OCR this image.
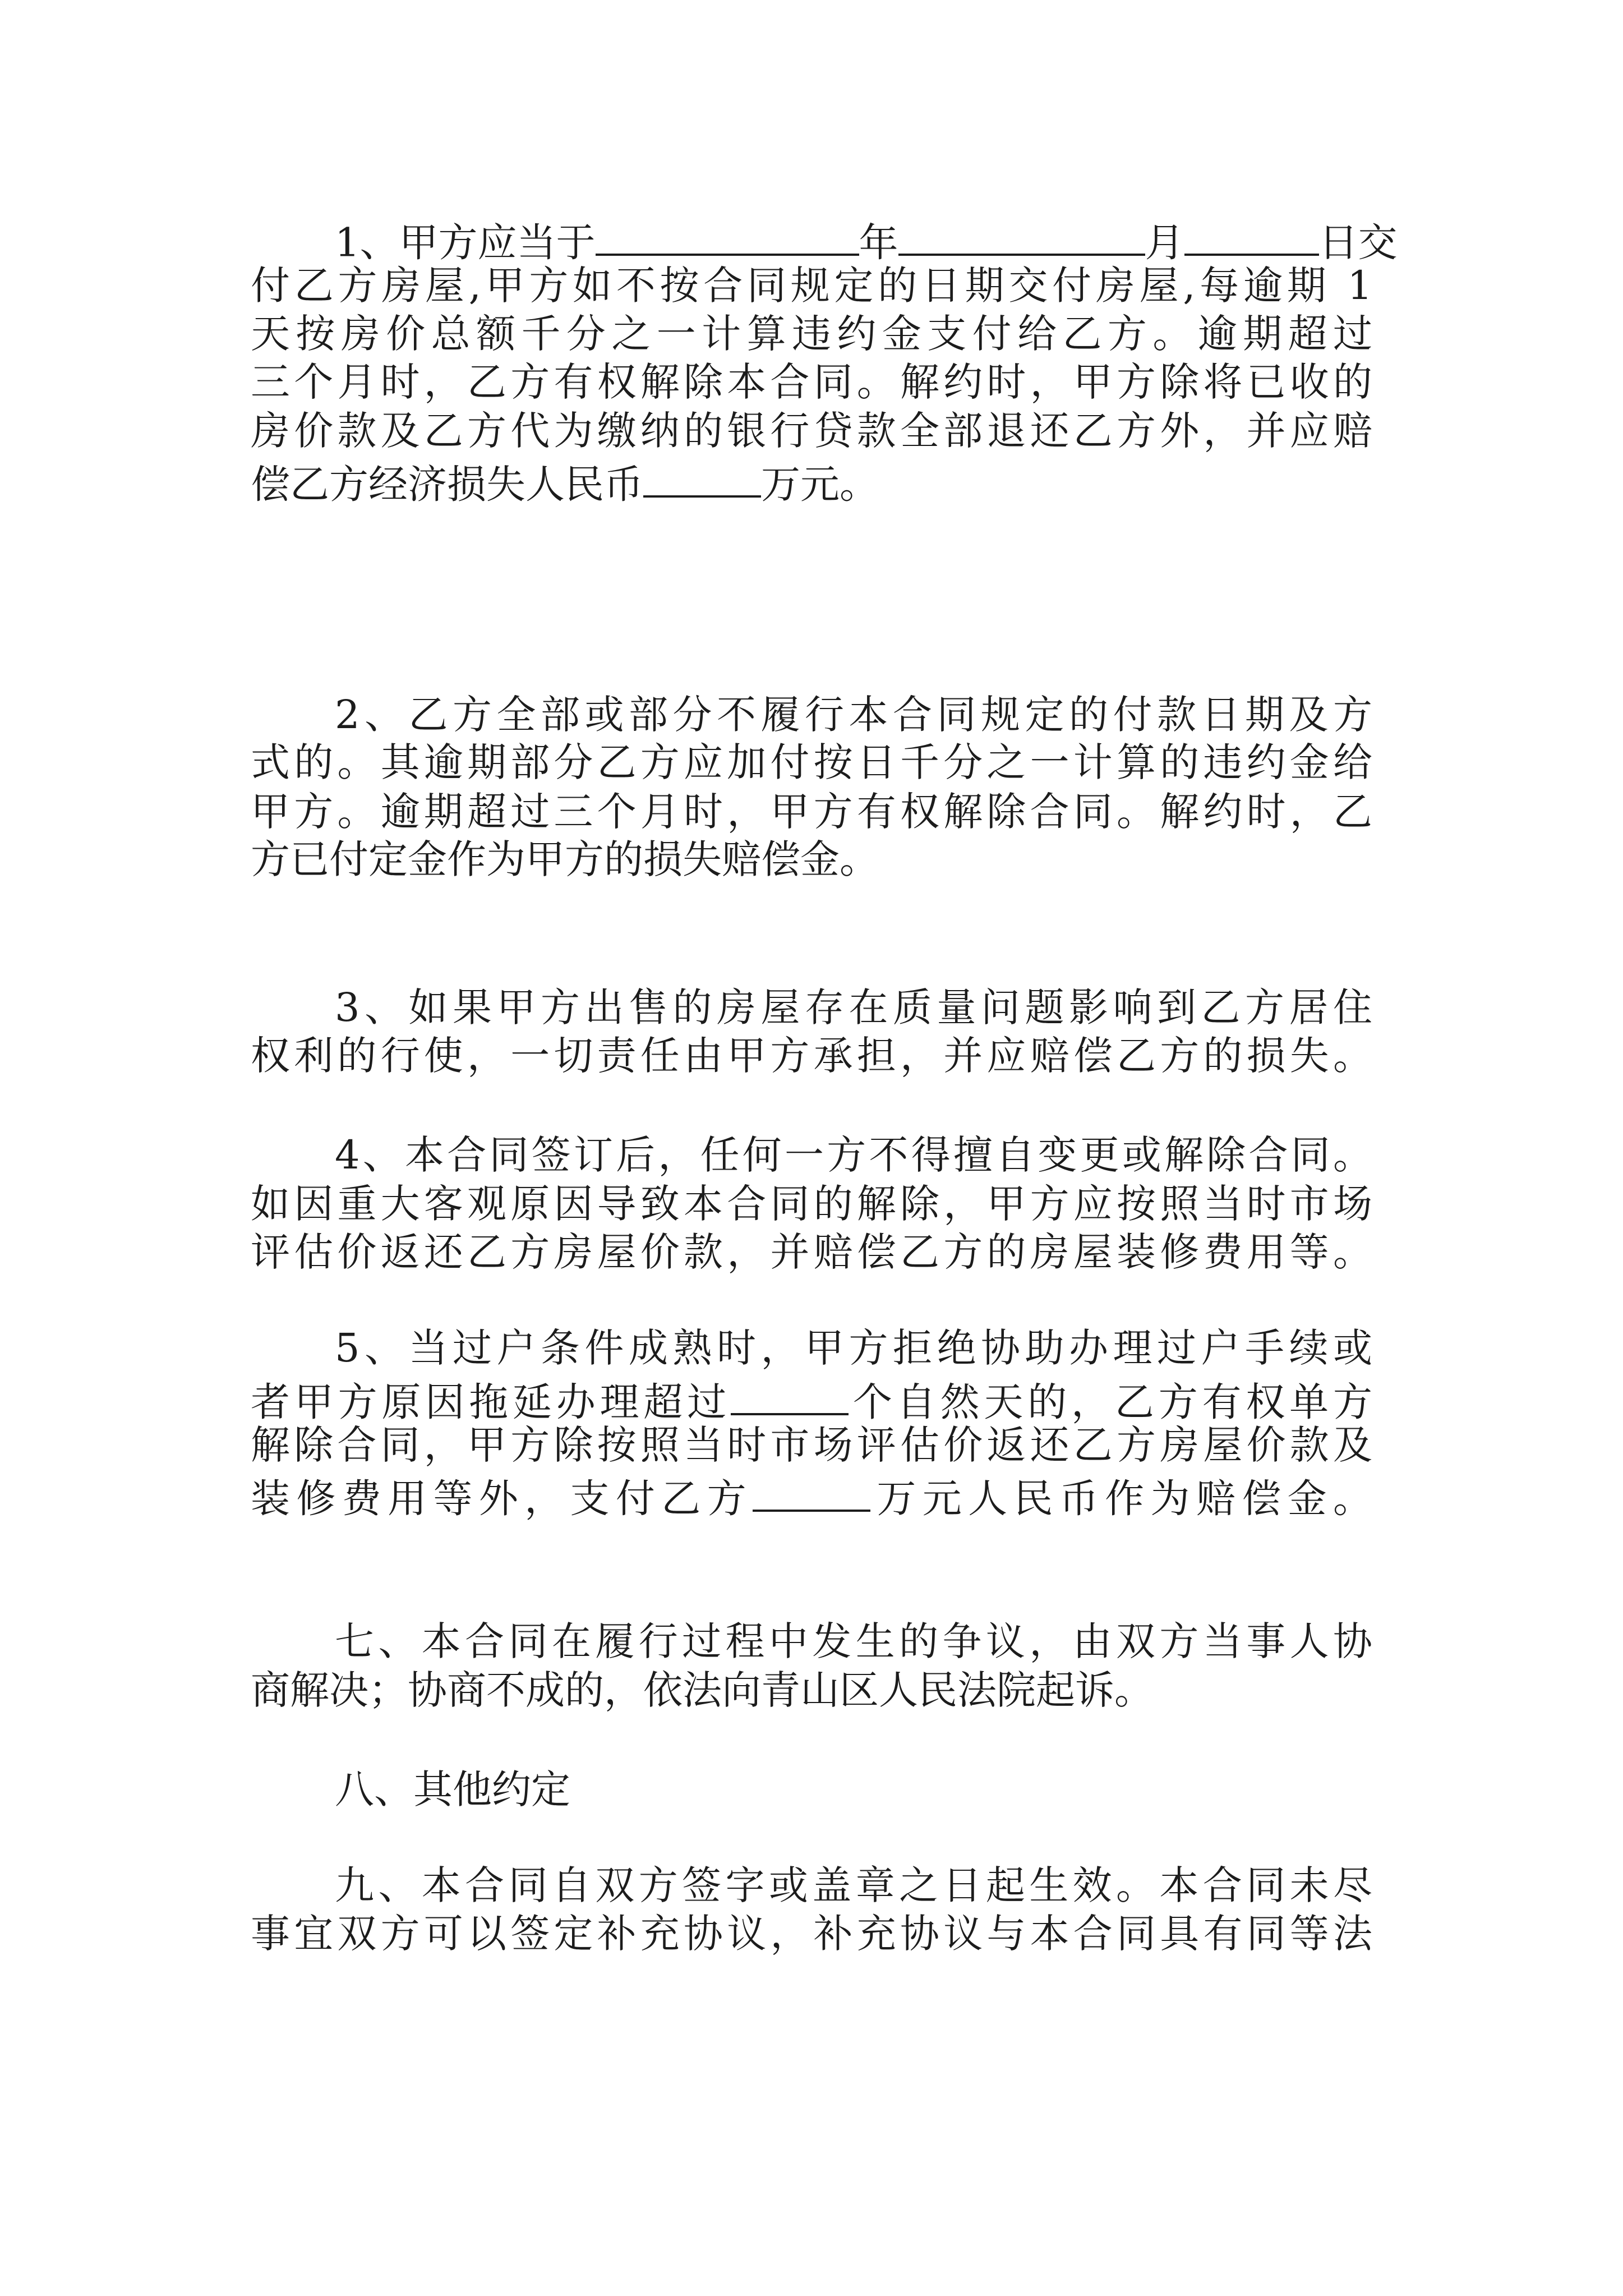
1、甲方应当于	年	月	日交

付乙方房屋,甲方如不按合同规定的日期交付房屋,每逾期 1

天按房价总额千分之一计算违约金支付给乙方。逾期超过

三个月时，乙方有权解除本合同。解约时，甲方除将已收的

房价款及乙方代为缴纳的银行贷款全部退还乙方外，并应赔

偿乙方经济损失人民币	万元。

2、乙方全部或部分不履行本合同规定的付款日期及方

式的。其逾期部分乙方应加付按日千分之一计算的违约金给

甲方。逾期超过三个月时，甲方有权解除合同。解约时，乙

方已付定金作为甲方的损失赔偿金。

3、如果甲方出售的房屋存在质量问题影响到乙方居住

权利的行使，一切责任由甲方承担，并应赔偿乙方的损失。

4、本合同签订后，任何一方不得擅自变更或解除合同。

如因重大客观原因导致本合同的解除，甲方应按照当时市场

评估价返还乙方房屋价款，并赔偿乙方的房屋装修费用等。

5、当过户条件成熟时，甲方拒绝协助办理过户手续或

者甲方原因拖延办理超过	个自然天的，乙方有权单方

解除合同，甲方除按照当时市场评估价返还乙方房屋价款及

装修费用等外，支付乙方	万元人民币作为赔偿金。

七、本合同在履行过程中发生的争议，由双方当事人协

商解决；协商不成的，依法向青山区人民法院起诉。

八、其他约定

九、本合同自双方签字或盖章之日起生效。本合同未尽

事宜双方可以签定补充协议，补充协议与本合同具有同等法
